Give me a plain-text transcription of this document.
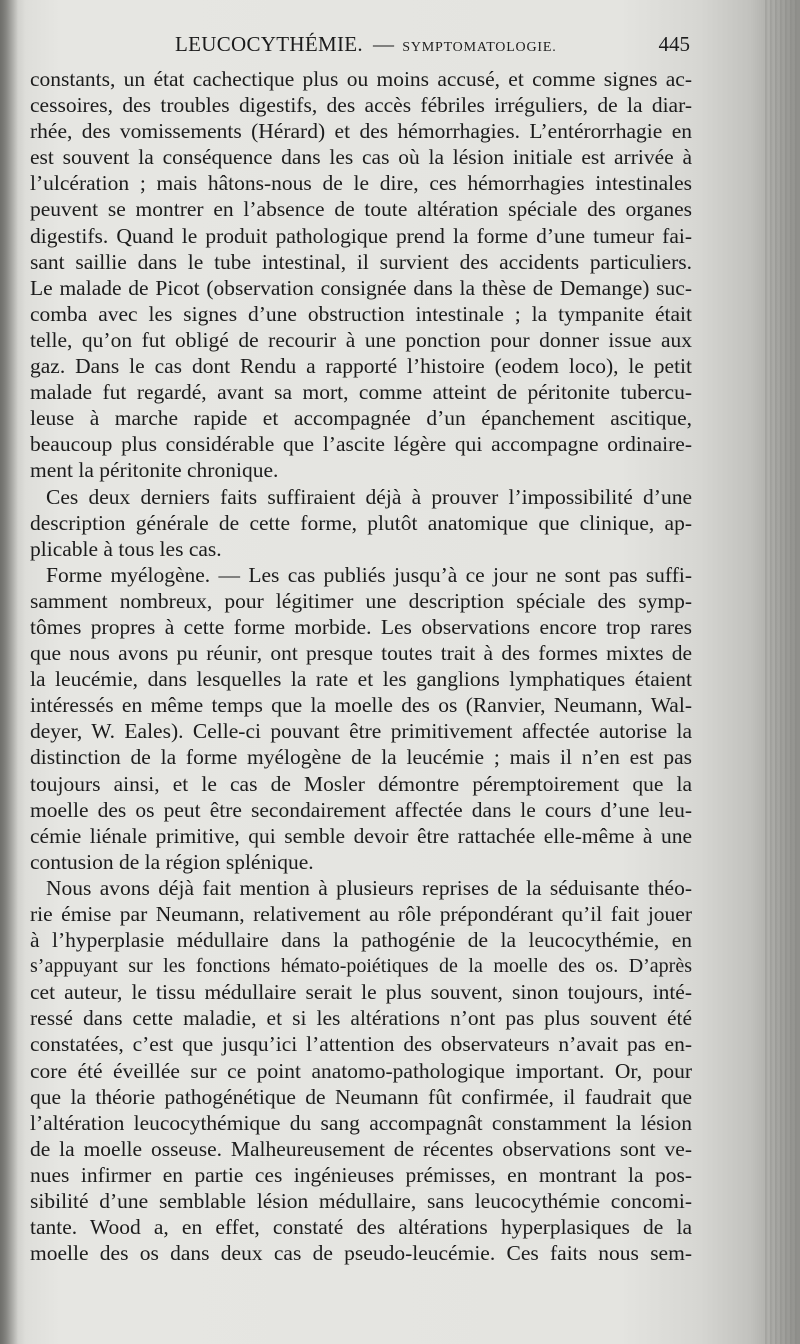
LEUCOCYTHÉMIE. — SYMPTOMATOLOGIE.	445
constants, un état cachectique plus ou moins accusé, et comme signes ac-
cessoires, des troubles digestifs, des accès fébriles irréguliers, de la diar-
rhée, des vomissements (Hérard) et des hémorrhagies. L’entérorrhagie en
est souvent la conséquence dans les cas où la lésion initiale est arrivée à
l’ulcération ; mais hâtons-nous de le dire, ces hémorrhagies intestinales
peuvent se montrer en l’absence de toute altération spéciale des organes
digestifs. Quand le produit pathologique prend la forme d’une tumeur fai-
sant saillie dans le tube intestinal, il survient des accidents particuliers.
Le malade de Picot (observation consignée dans la thèse de Demange) suc-
comba avec les signes d’une obstruction intestinale ; la tympanite était
telle, qu’on fut obligé de recourir à une ponction pour donner issue aux
gaz. Dans le cas dont Rendu a rapporté l’histoire (eodem loco), le petit
malade fut regardé, avant sa mort, comme atteint de péritonite tubercu-
leuse à marche rapide et accompagnée d’un épanchement ascitique,
beaucoup plus considérable que l’ascite légère qui accompagne ordinaire-
ment la péritonite chronique.
Ces deux derniers faits suffiraient déjà à prouver l’impossibilité d’une
description générale de cette forme, plutôt anatomique que clinique, ap-
plicable à tous les cas.
Forme myélogène. — Les cas publiés jusqu’à ce jour ne sont pas suffi-
samment nombreux, pour légitimer une description spéciale des symp-
tômes propres à cette forme morbide. Les observations encore trop rares
que nous avons pu réunir, ont presque toutes trait à des formes mixtes de
la leucémie, dans lesquelles la rate et les ganglions lymphatiques étaient
intéressés en même temps que la moelle des os (Ranvier, Neumann, Wal-
deyer, W. Eales). Celle-ci pouvant être primitivement affectée autorise la
distinction de la forme myélogène de la leucémie ; mais il n’en est pas
toujours ainsi, et le cas de Mosler démontre péremptoirement que la
moelle des os peut être secondairement affectée dans le cours d’une leu-
cémie liénale primitive, qui semble devoir être rattachée elle-même à une
contusion de la région splénique.
Nous avons déjà fait mention à plusieurs reprises de la séduisante théo-
rie émise par Neumann, relativement au rôle prépondérant qu’il fait jouer
à l’hyperplasie médullaire dans la pathogénie de la leucocythémie, en
s’appuyant sur les fonctions hémato-poiétiques de la moelle des os. D’après
cet auteur, le tissu médullaire serait le plus souvent, sinon toujours, inté-
ressé dans cette maladie, et si les altérations n’ont pas plus souvent été
constatées, c’est que jusqu’ici l’attention des observateurs n’avait pas en-
core été éveillée sur ce point anatomo-pathologique important. Or, pour
que la théorie pathogénétique de Neumann fût confirmée, il faudrait que
l’altération leucocythémique du sang accompagnât constamment la lésion
de la moelle osseuse. Malheureusement de récentes observations sont ve-
nues infirmer en partie ces ingénieuses prémisses, en montrant la pos-
sibilité d’une semblable lésion médullaire, sans leucocythémie concomi-
tante. Wood a, en effet, constaté des altérations hyperplasiques de la
moelle des os dans deux cas de pseudo-leucémie. Ces faits nous sem-
